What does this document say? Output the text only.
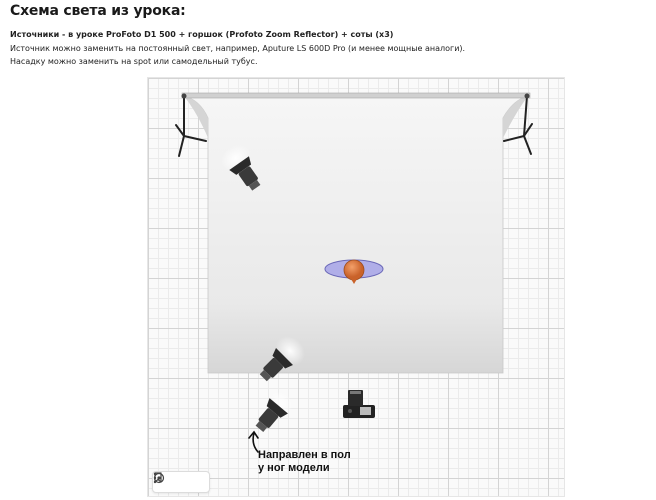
Схема света из урока:
Источники - в уроке ProFoto D1 500 + горшок (Profoto Zoom Reflector) + соты (x3)
Источник можно заменить на постоянный свет, например, Aputure LS 600D Pro (и менее мощные аналоги).
Насадку можно заменить на spot или самодельный тубус.
Направлен в пол
у ног модели
